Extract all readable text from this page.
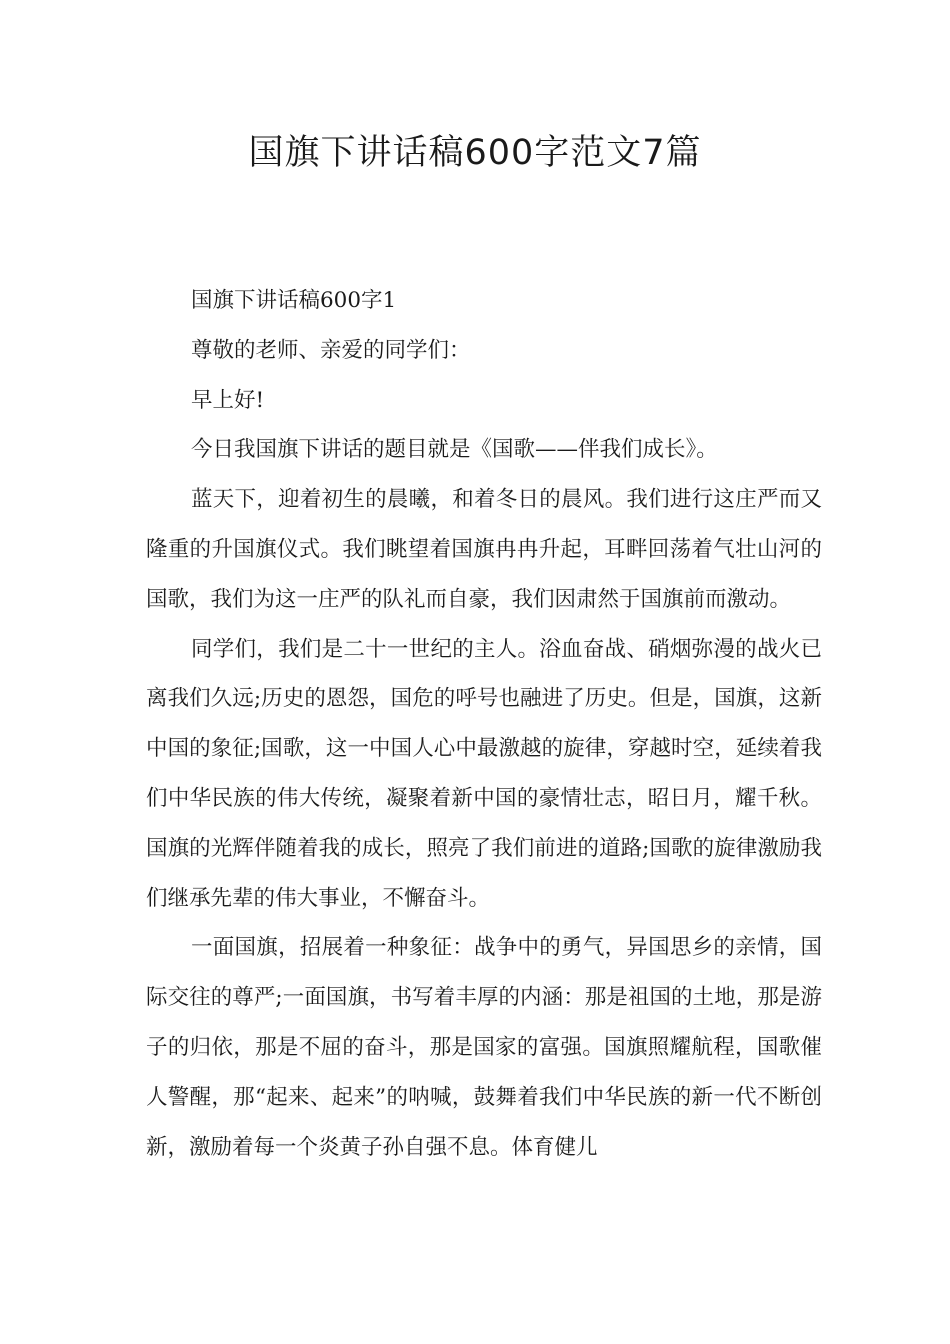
国旗下讲话稿600字范文7篇

国旗下讲话稿600字1

尊敬的老师、亲爱的同学们：

早上好!

今日我国旗下讲话的题目就是《国歌——伴我们成长》。

蓝天下，迎着初生的晨曦，和着冬日的晨风。我们进行这庄严而又隆重的升国旗仪式。我们眺望着国旗冉冉升起，耳畔回荡着气壮山河的国歌，我们为这一庄严的队礼而自豪，我们因肃然于国旗前而激动。

同学们，我们是二十一世纪的主人。浴血奋战、硝烟弥漫的战火已离我们久远;历史的恩怨，国危的呼号也融进了历史。但是，国旗，这新中国的象征;国歌，这一中国人心中最激越的旋律，穿越时空，延续着我们中华民族的伟大传统，凝聚着新中国的豪情壮志，昭日月，耀千秋。国旗的光辉伴随着我的成长，照亮了我们前进的道路;国歌的旋律激励我们继承先辈的伟大事业，不懈奋斗。

一面国旗，招展着一种象征：战争中的勇气，异国思乡的亲情，国际交往的尊严;一面国旗，书写着丰厚的内涵：那是祖国的土地，那是游子的归依，那是不屈的奋斗，那是国家的富强。国旗照耀航程，国歌催人警醒，那“起来、起来”的呐喊，鼓舞着我们中华民族的新一代不断创新，激励着每一个炎黄子孙自强不息。体育健儿
